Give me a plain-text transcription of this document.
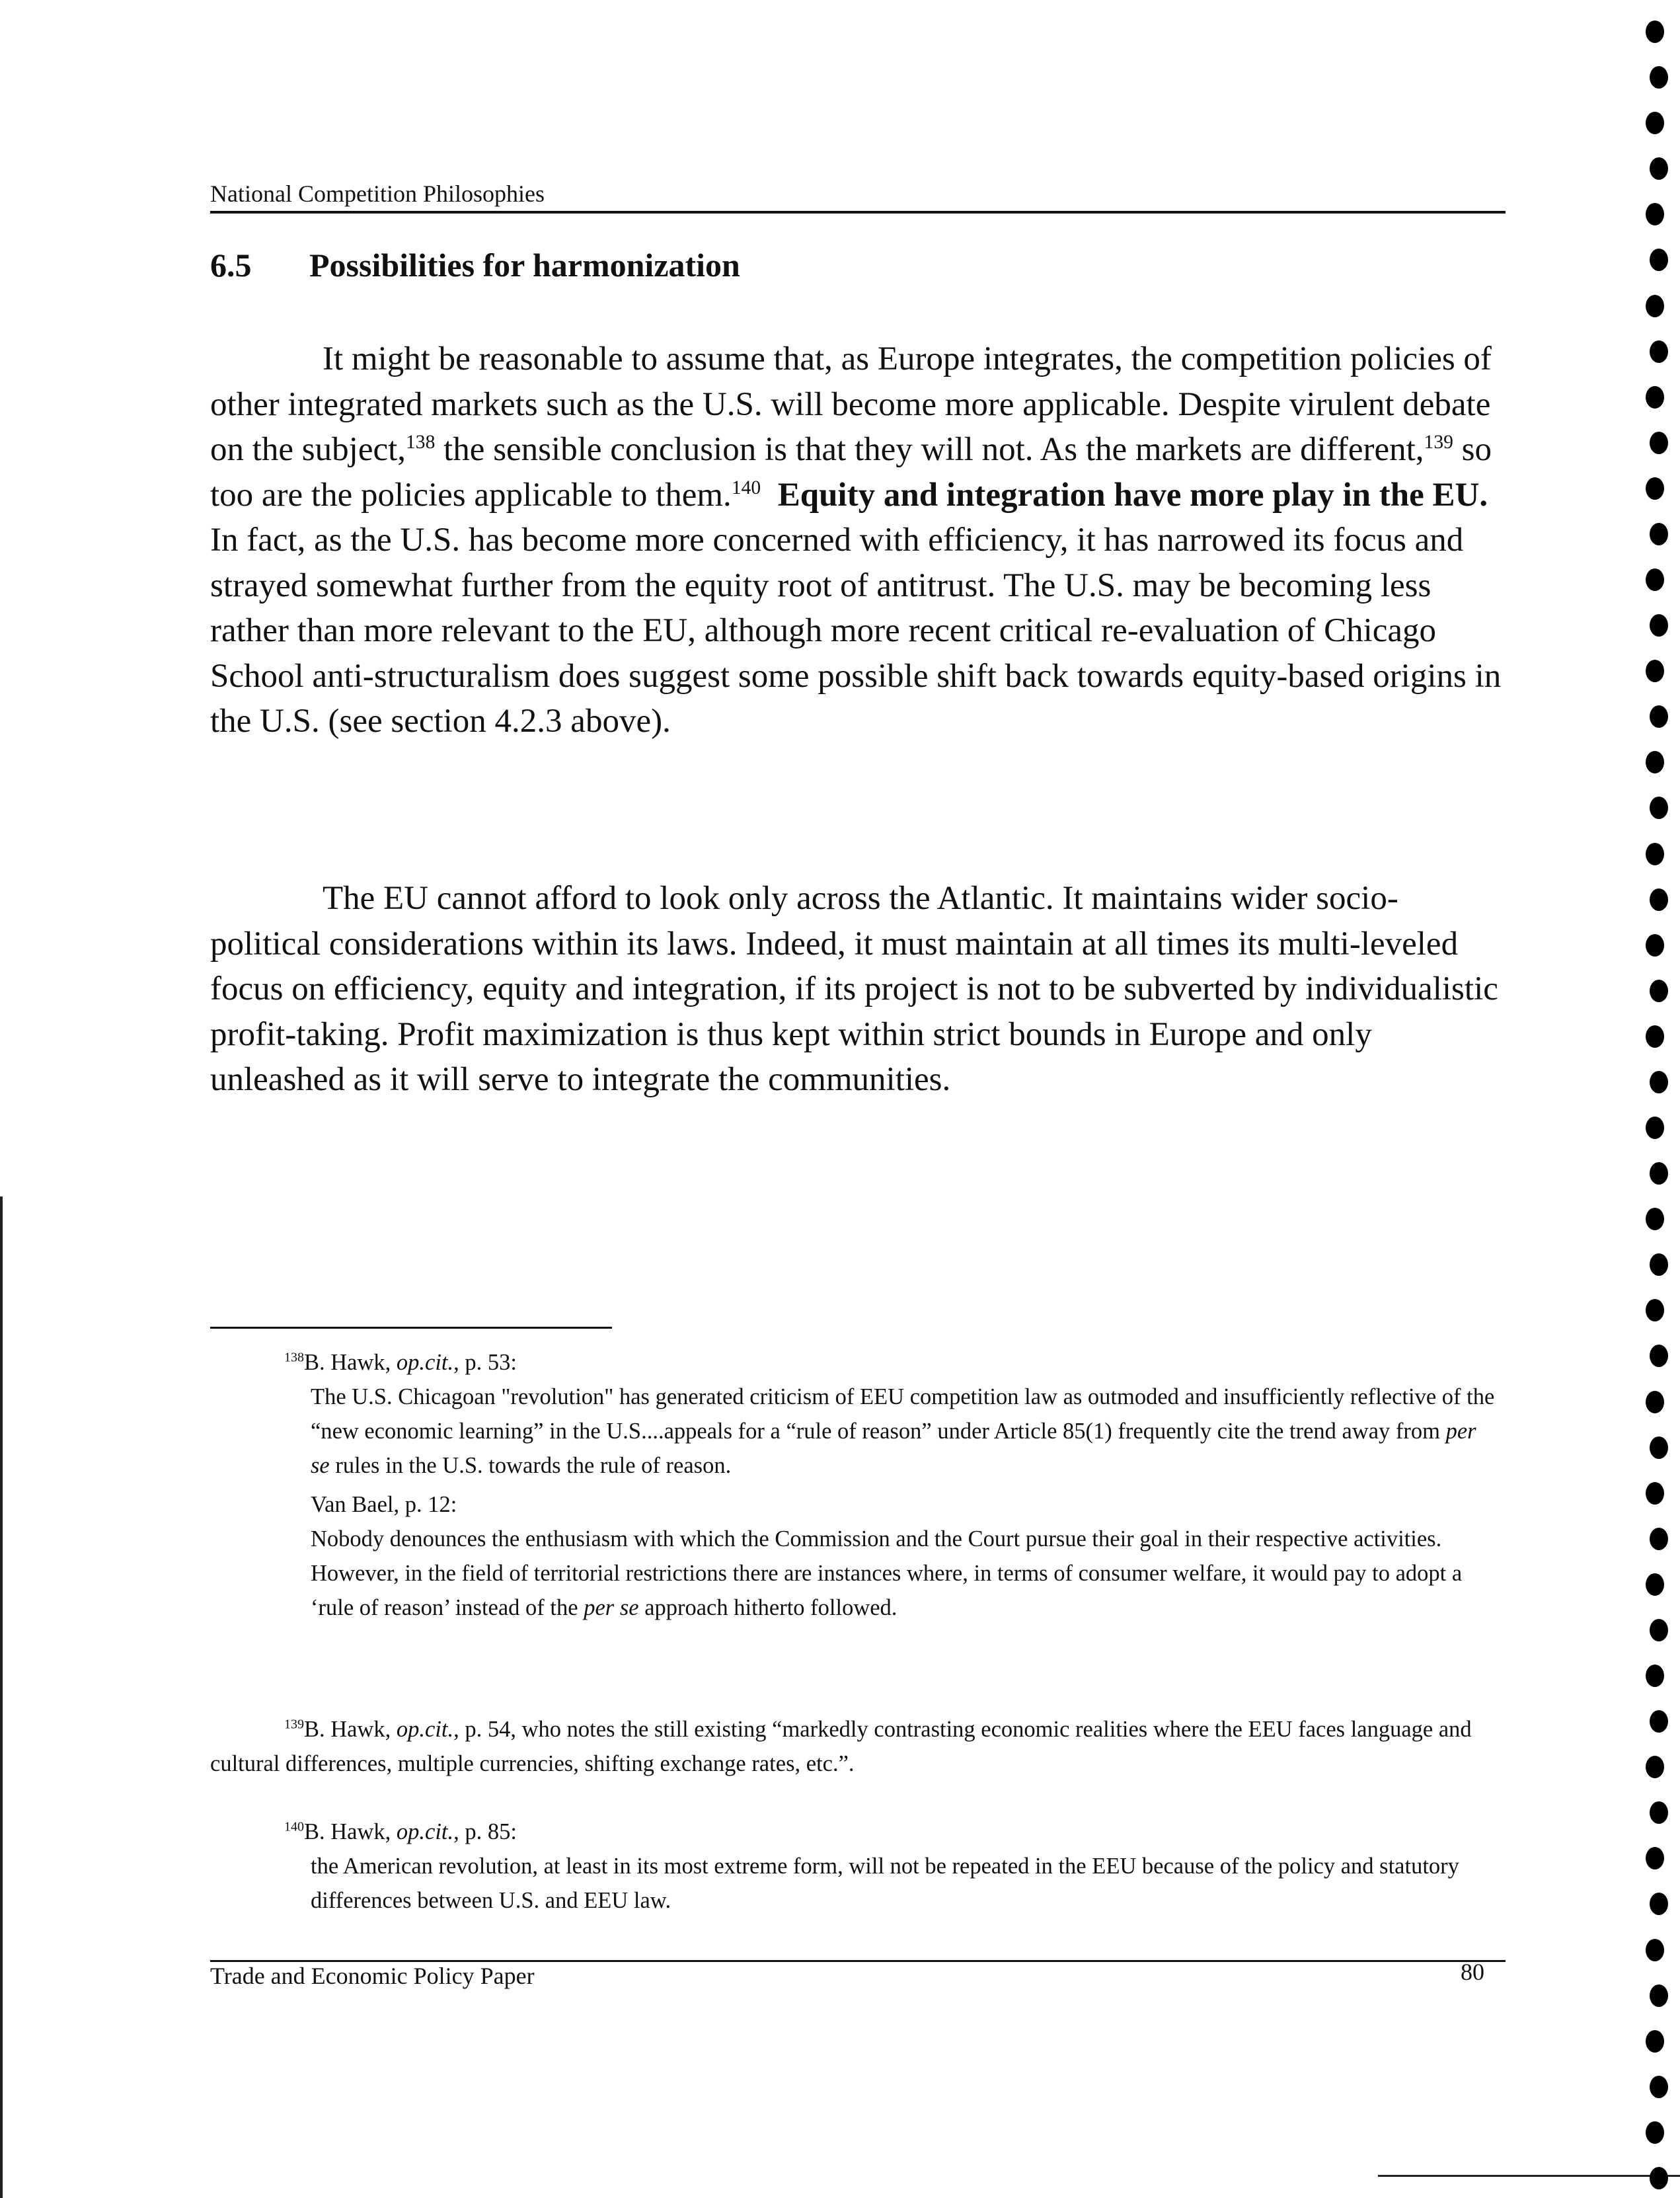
National Competition Philosophies
6.5 Possibilities for harmonization

It might be reasonable to assume that, as Europe integrates, the competition policies of other integrated markets such as the U.S. will become more applicable. Despite virulent debate on the subject,$^{138}$ the sensible conclusion is that they will not. As the markets are different,$^{139}$ so too are the policies applicable to them.$^{140}$ Equity and integration have more play in the EU. In fact, as the U.S. has become more concerned with efficiency, it has narrowed its focus and strayed somewhat further from the equity root of antitrust. The U.S. may be becoming less rather than more relevant to the EU, although more recent critical re-evaluation of Chicago School anti-structuralism does suggest some possible shift back towards equity-based origins in the U.S. (see section 4.2.3 above).

The EU cannot afford to look only across the Atlantic. It maintains wider socio-political considerations within its laws. Indeed, it must maintain at all times its multi-leveled focus on efficiency, equity and integration, if its project is not to be subverted by individualistic profit-taking. Profit maximization is thus kept within strict bounds in Europe and only unleashed as it will serve to integrate the communities.

$^{138}$B. Hawk, op.cit., p. 53:

The U.S. Chicagoan "revolution" has generated criticism of EEU competition law as outmoded and insufficiently reflective of the “new economic learning” in the U.S....appeals for a “rule of reason” under Article 85(1) frequently cite the trend away from per se rules in the U.S. towards the rule of reason.

Van Bael, p. 12:

Nobody denounces the enthusiasm with which the Commission and the Court pursue their goal in their respective activities. However, in the field of territorial restrictions there are instances where, in terms of consumer welfare, it would pay to adopt a ‘rule of reason’ instead of the per se approach hitherto followed.

$^{139}$B. Hawk, op.cit., p. 54, who notes the still existing “markedly contrasting economic realities where the EEU faces language and cultural differences, multiple currencies, shifting exchange rates, etc.”.

$^{140}$B. Hawk, op.cit., p. 85:

the American revolution, at least in its most extreme form, will not be repeated in the EEU because of the policy and statutory differences between U.S. and EEU law.

Trade and Economic Policy Paper	80
